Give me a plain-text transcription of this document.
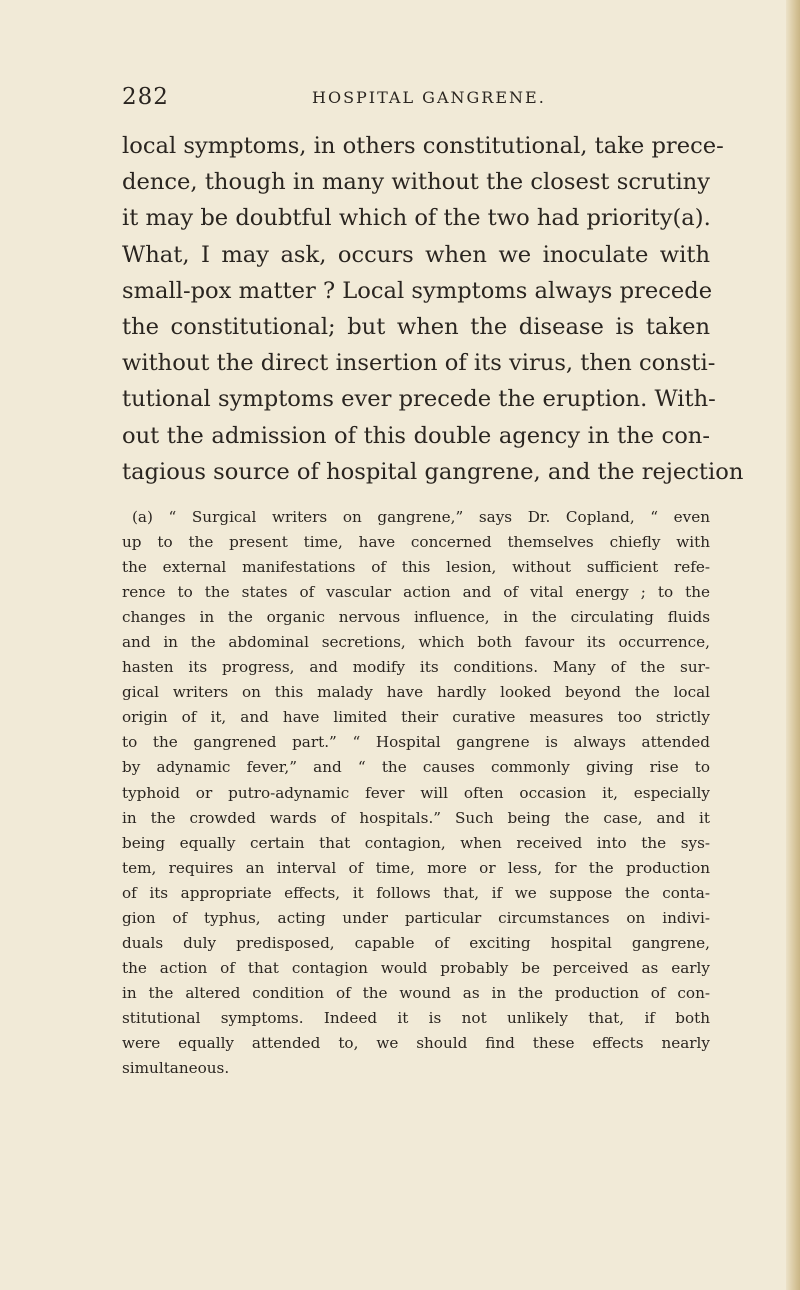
282	HOSPITAL GANGRENE.
local symptoms, in others constitutional, take prece-
dence, though in many without the closest scrutiny
it may be doubtful which of the two had priority(a).
What, I may ask, occurs when we inoculate with
small-pox matter ? Local symptoms always precede
the constitutional; but when the disease is taken
without the direct insertion of its virus, then consti-
tutional symptoms ever precede the eruption. With-
out the admission of this double agency in the con-
tagious source of hospital gangrene, and the rejection
(a) “ Surgical writers on gangrene,” says Dr. Copland, “ even
up to the present time, have concerned themselves chiefly with
the external manifestations of this lesion, without sufficient refe-
rence to the states of vascular action and of vital energy ; to the
changes in the organic nervous influence, in the circulating fluids
and in the abdominal secretions, which both favour its occurrence,
hasten its progress, and modify its conditions. Many of the sur-
gical writers on this malady have hardly looked beyond the local
origin of it, and have limited their curative measures too strictly
to the gangrened part.” “ Hospital gangrene is always attended
by adynamic fever,” and “ the causes commonly giving rise to
typhoid or putro-adynamic fever will often occasion it, especially
in the crowded wards of hospitals.” Such being the case, and it
being equally certain that contagion, when received into the sys-
tem, requires an interval of time, more or less, for the production
of its appropriate effects, it follows that, if we suppose the conta-
gion of typhus, acting under particular circumstances on indivi-
duals duly predisposed, capable of exciting hospital gangrene,
the action of that contagion would probably be perceived as early
in the altered condition of the wound as in the production of con-
stitutional symptoms. Indeed it is not unlikely that, if both
were equally attended to, we should find these effects nearly
simultaneous.
